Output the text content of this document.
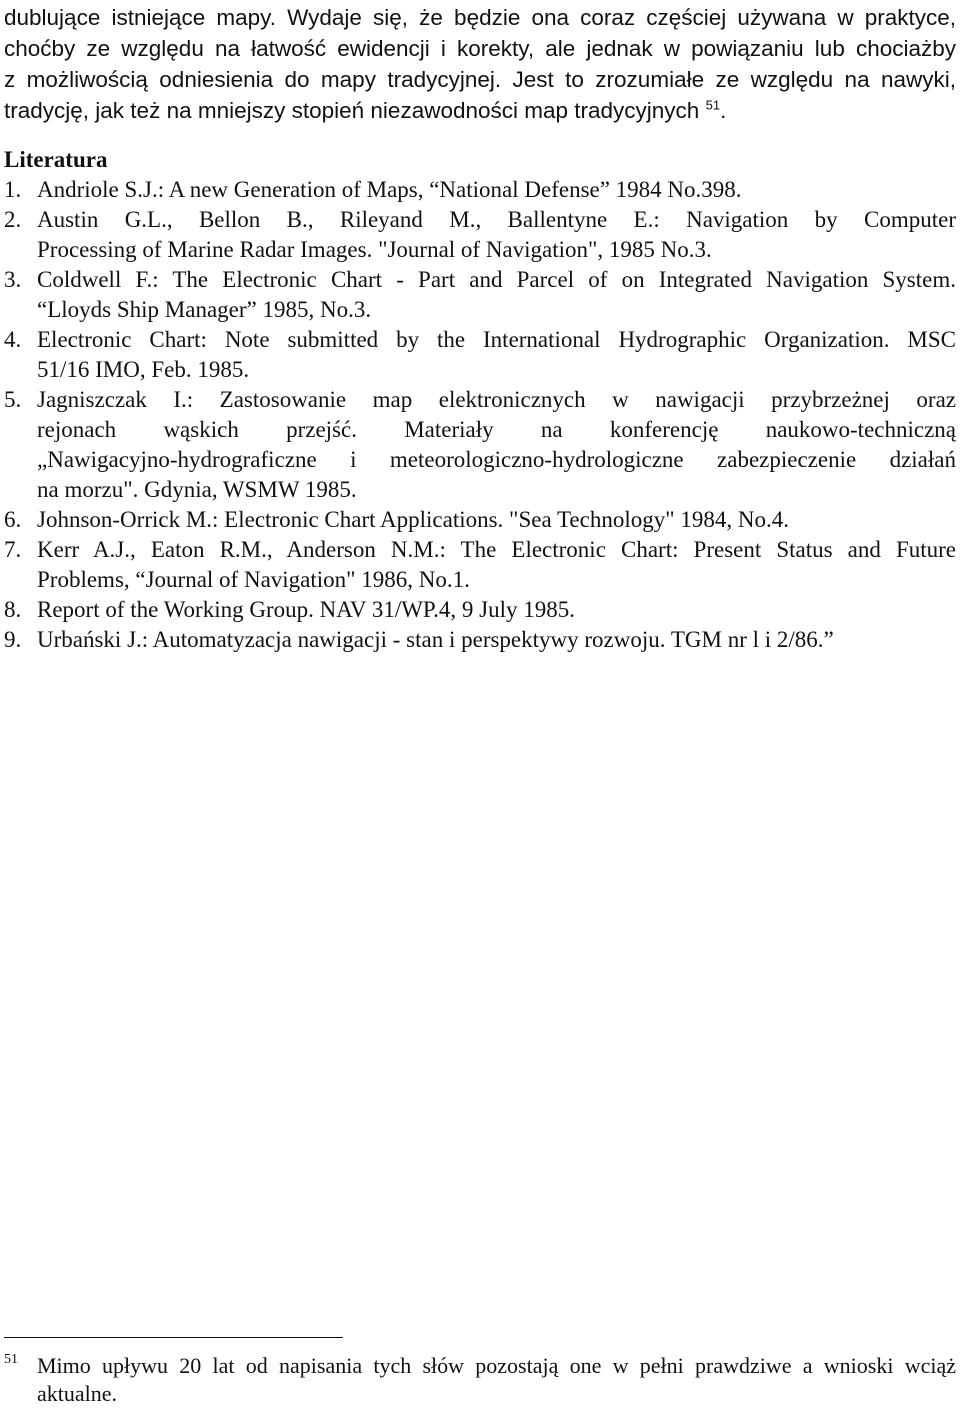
dublujące istniejące mapy. Wydaje się, że będzie ona coraz częściej używana w praktyce,
choćby ze względu na łatwość ewidencji i korekty, ale jednak w powiązaniu lub chociażby
z możliwością odniesienia do mapy tradycyjnej. Jest to zrozumiałe ze względu na nawyki,
tradycję, jak też na mniejszy stopień niezawodności map tradycyjnych $^{51}$.

Literatura
1. Andriole S.J.: A new Generation of Maps, “National Defense” 1984 No.398.
2. Austin G.L., Bellon B., Rileyand M., Ballentyne E.: Navigation by Computer
Processing of Marine Radar Images. "Journal of Navigation", 1985 No.3.
3. Coldwell F.: The Electronic Chart - Part and Parcel of on Integrated Navigation System.
“Lloyds Ship Manager” 1985, No.3.
4. Electronic Chart: Note submitted by the International Hydrographic Organization. MSC
51/16 IMO, Feb. 1985.
5. Jagniszczak I.: Zastosowanie map elektronicznych w nawigacji przybrzeżnej oraz
rejonach wąskich przejść. Materiały na konferencję naukowo-techniczną
„Nawigacyjno-hydrograficzne i meteorologiczno-hydrologiczne zabezpieczenie działań
na morzu". Gdynia, WSMW 1985.
6. Johnson-Orrick M.: Electronic Chart Applications. "Sea Technology" 1984, No.4.
7. Kerr A.J., Eaton R.M., Anderson N.M.: The Electronic Chart: Present Status and Future
Problems, “Journal of Navigation" 1986, No.1.
8. Report of the Working Group. NAV 31/WP.4, 9 July 1985.
9. Urbański J.: Automatyzacja nawigacji - stan i perspektywy rozwoju. TGM nr l i 2/86.”
51 Mimo upływu 20 lat od napisania tych słów pozostają one w pełni prawdziwe a wnioski wciąż
aktualne.
